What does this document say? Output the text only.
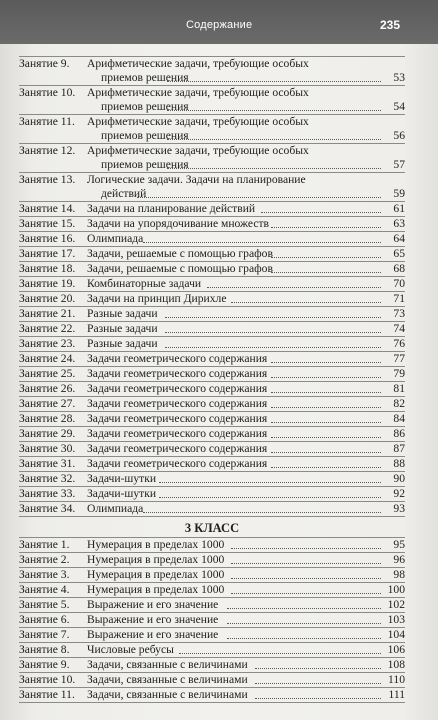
Содержание	235
Занятие 9. Арифметические задачи, требующие особых
приемов решения	53
Занятие 10. Арифметические задачи, требующие особых
приемов решения	54
Занятие 11. Арифметические задачи, требующие особых
приемов решения	56
Занятие 12. Арифметические задачи, требующие особых
приемов решения	57
Занятие 13. Логические задачи. Задачи на планирование
действий	59
Занятие 14. Задачи на планирование действий	61
Занятие 15. Задачи на упорядочивание множеств	63
Занятие 16. Олимпиада	64
Занятие 17. Задачи, решаемые с помощью графов	65
Занятие 18. Задачи, решаемые с помощью графов	68
Занятие 19. Комбинаторные задачи	70
Занятие 20. Задачи на принцип Дирихле	71
Занятие 21. Разные задачи	73
Занятие 22. Разные задачи	74
Занятие 23. Разные задачи	76
Занятие 24. Задачи геометрического содержания	77
Занятие 25. Задачи геометрического содержания	79
Занятие 26. Задачи геометрического содержания	81
Занятие 27. Задачи геометрического содержания	82
Занятие 28. Задачи геометрического содержания	84
Занятие 29. Задачи геометрического содержания	86
Занятие 30. Задачи геометрического содержания	87
Занятие 31. Задачи геометрического содержания	88
Занятие 32. Задачи-шутки	90
Занятие 33. Задачи-шутки	92
Занятие 34. Олимпиада	93
3 КЛАСС
Занятие 1. Нумерация в пределах 1000	95
Занятие 2. Нумерация в пределах 1000	96
Занятие 3. Нумерация в пределах 1000	98
Занятие 4. Нумерация в пределах 1000	100
Занятие 5. Выражение и его значение	102
Занятие 6. Выражение и его значение	103
Занятие 7. Выражение и его значение	104
Занятие 8. Числовые ребусы	106
Занятие 9. Задачи, связанные с величинами	108
Занятие 10. Задачи, связанные с величинами	110
Занятие 11. Задачи, связанные с величинами	111
